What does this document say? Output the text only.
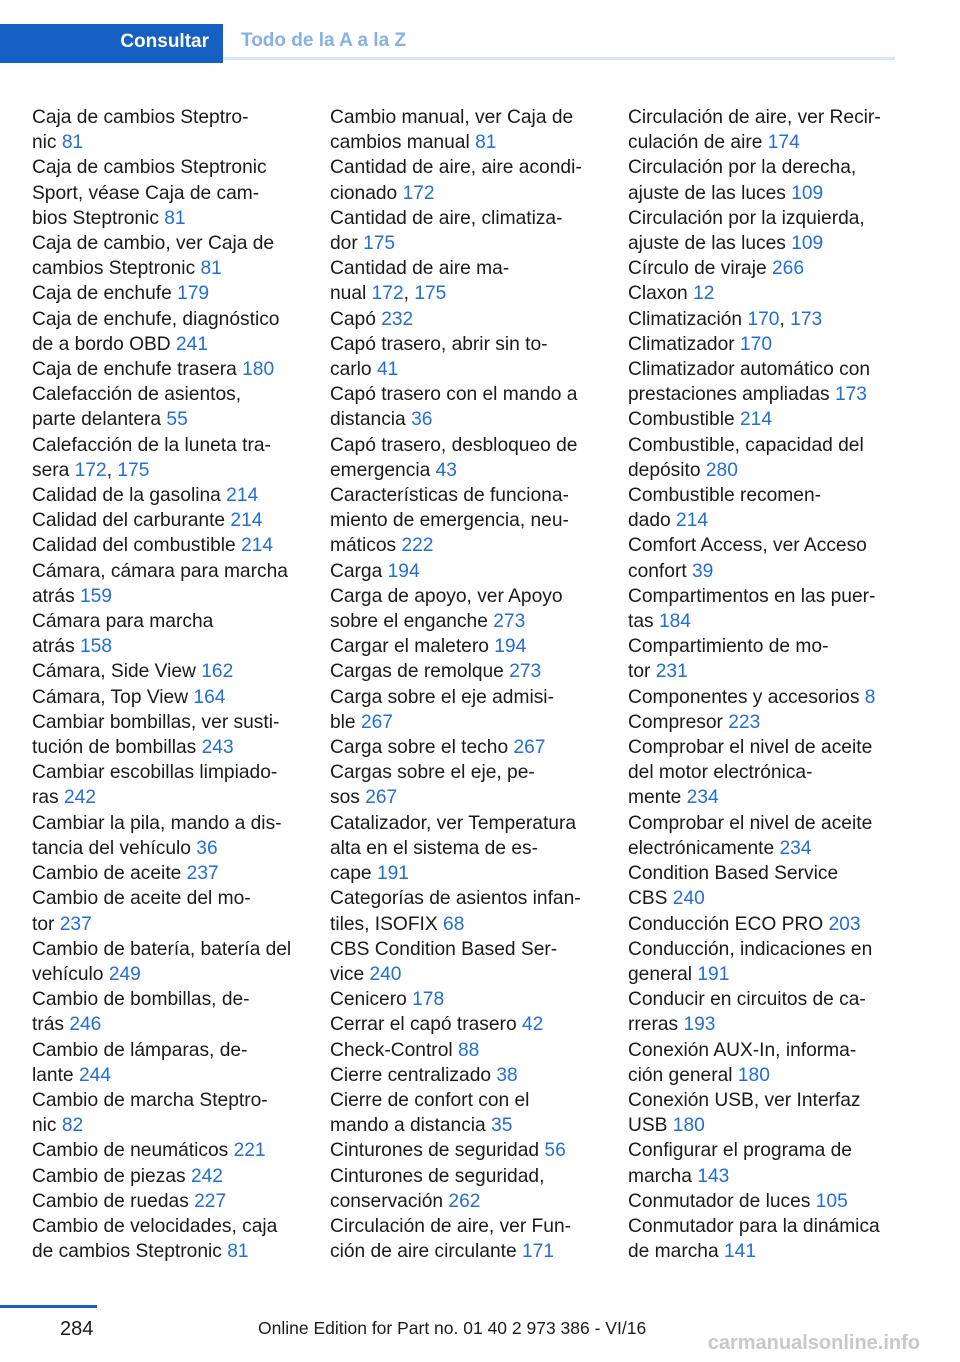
Consultar	Todo de la A a la Z
Caja de cambios Steptro-
nic 81
Caja de cambios Steptronic
Sport, véase Caja de cam-
bios Steptronic 81
Caja de cambio, ver Caja de
cambios Steptronic 81
Caja de enchufe 179
Caja de enchufe, diagnóstico
de a bordo OBD 241
Caja de enchufe trasera 180
Calefacción de asientos,
parte delantera 55
Calefacción de la luneta tra-
sera 172, 175
Calidad de la gasolina 214
Calidad del carburante 214
Calidad del combustible 214
Cámara, cámara para marcha
atrás 159
Cámara para marcha
atrás 158
Cámara, Side View 162
Cámara, Top View 164
Cambiar bombillas, ver susti-
tución de bombillas 243
Cambiar escobillas limpiado-
ras 242
Cambiar la pila, mando a dis-
tancia del vehículo 36
Cambio de aceite 237
Cambio de aceite del mo-
tor 237
Cambio de batería, batería del
vehículo 249
Cambio de bombillas, de-
trás 246
Cambio de lámparas, de-
lante 244
Cambio de marcha Steptro-
nic 82
Cambio de neumáticos 221
Cambio de piezas 242
Cambio de ruedas 227
Cambio de velocidades, caja
de cambios Steptronic 81
Cambio manual, ver Caja de
cambios manual 81
Cantidad de aire, aire acondi-
cionado 172
Cantidad de aire, climatiza-
dor 175
Cantidad de aire ma-
nual 172, 175
Capó 232
Capó trasero, abrir sin to-
carlo 41
Capó trasero con el mando a
distancia 36
Capó trasero, desbloqueo de
emergencia 43
Características de funciona-
miento de emergencia, neu-
máticos 222
Carga 194
Carga de apoyo, ver Apoyo
sobre el enganche 273
Cargar el maletero 194
Cargas de remolque 273
Carga sobre el eje admisi-
ble 267
Carga sobre el techo 267
Cargas sobre el eje, pe-
sos 267
Catalizador, ver Temperatura
alta en el sistema de es-
cape 191
Categorías de asientos infan-
tiles, ISOFIX 68
CBS Condition Based Ser-
vice 240
Cenicero 178
Cerrar el capó trasero 42
Check-Control 88
Cierre centralizado 38
Cierre de confort con el
mando a distancia 35
Cinturones de seguridad 56
Cinturones de seguridad,
conservación 262
Circulación de aire, ver Fun-
ción de aire circulante 171
Circulación de aire, ver Recir-
culación de aire 174
Circulación por la derecha,
ajuste de las luces 109
Circulación por la izquierda,
ajuste de las luces 109
Círculo de viraje 266
Claxon 12
Climatización 170, 173
Climatizador 170
Climatizador automático con
prestaciones ampliadas 173
Combustible 214
Combustible, capacidad del
depósito 280
Combustible recomen-
dado 214
Comfort Access, ver Acceso
confort 39
Compartimentos en las puer-
tas 184
Compartimiento de mo-
tor 231
Componentes y accesorios 8
Compresor 223
Comprobar el nivel de aceite
del motor electrónica-
mente 234
Comprobar el nivel de aceite
electrónicamente 234
Condition Based Service
CBS 240
Conducción ECO PRO 203
Conducción, indicaciones en
general 191
Conducir en circuitos de ca-
rreras 193
Conexión AUX-In, informa-
ción general 180
Conexión USB, ver Interfaz
USB 180
Configurar el programa de
marcha 143
Conmutador de luces 105
Conmutador para la dinámica
de marcha 141
284	Online Edition for Part no. 01 40 2 973 386 - VI/16
carmanualsonline.info
